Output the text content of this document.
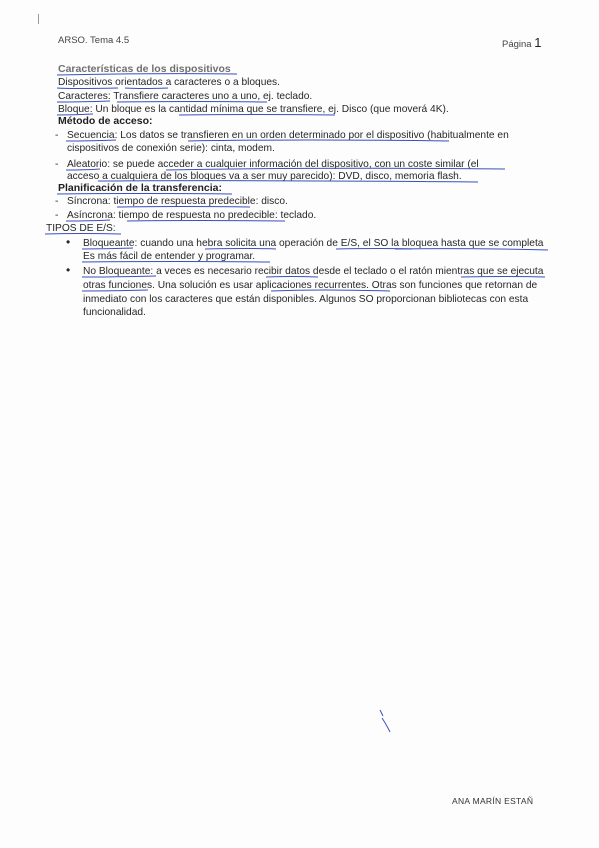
ARSO. Tema 4.5	Página 1
Características de los dispositivos
Dispositivos orientados a caracteres o a bloques.
Caracteres: Transfiere caracteres uno a uno, ej. teclado.
Bloque: Un bloque es la cantidad mínima que se transfiere, ej. Disco (que moverá 4K).
Método de acceso:
- Secuencia: Los datos se transfieren en un orden determinado por el dispositivo (habitualmente en
cispositivos de conexión serie): cinta, modem.
- Aleatorio: se puede acceder a cualquier información del dispositivo, con un coste similar (el
acceso a cualquiera de los bloques va a ser muy parecido): DVD, disco, memoria flash.
Planificación de la transferencia:
- Síncrona: tiempo de respuesta predecible: disco.
- Asíncrona: tiempo de respuesta no predecible: teclado.
TIPOS DE E/S:
• Bloqueante: cuando una hebra solicita una operación de E/S, el SO la bloquea hasta que se completa
Es más fácil de entender y programar.
• No Bloqueante: a veces es necesario recibir datos desde el teclado o el ratón mientras que se ejecuta
otras funciones. Una solución es usar aplicaciones recurrentes. Otras son funciones que retornan de
inmediato con los caracteres que están disponibles. Algunos SO proporcionan bibliotecas con esta
funcionalidad.
ANA MARÍN ESTAÑ
